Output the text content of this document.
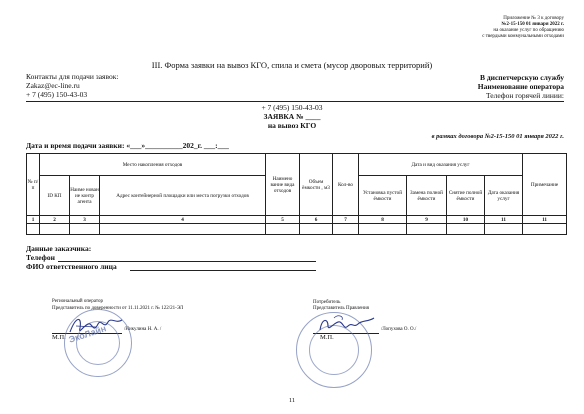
Приложение № 3 к договору
№2-15-150 01 января 2022 г.
на оказание услуг по обращению
с твердыми коммунальными отходами
III. Форма заявки на вывоз КГО, спила и смета (мусор дворовых территорий)
Контакты для подачи заявок:
Zakaz@ec-line.ru
+ 7 (495) 150-43-03
В диспетчерскую службу
Наименование оператора
Телефон горячей линии:
+ 7 (495) 150-43-03
ЗАЯВКА № ____
на вывоз КГО
в рамках договора №2-15-150 01 января 2022 г.
Дата и время подачи заявки: «___»__________202_г. ___:___
№ п/п	Место накопления отходов			Наимено вание вида отходов	Объем ёмкости , м3	Кол-во	Дата и вид оказания услуг				Примечание
	ID КП	Наиме нован ие контр агента	Адрес контейнерной площадки или места погрузки отходов				Установка пустой ёмкости	Замена полной ёмкости	Снятие полной ёмкости	Дата оказания услуг	
1	2	3	4	5	6	7	8	9	10	11	11

Данные заказчика:
Телефон
ФИО ответственного лица
Региональный оператор
Представитель по доверенности от 11.11.2021 г. № 122/21-ЭЛ
/Никулина Н. А. /
М.П. ЭкоЛайн
Потребитель
Представитель Правления
/Лопухова О. О./
М.П.
11
